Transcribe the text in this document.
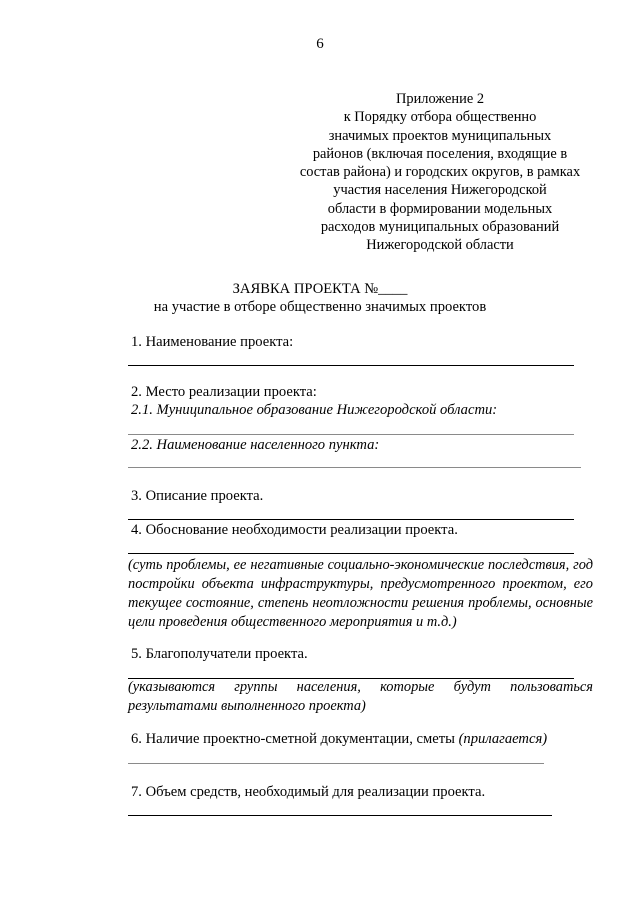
6
Приложение 2
к Порядку отбора общественно
значимых проектов муниципальных
районов (включая поселения, входящие в
состав района) и городских округов, в рамках
участия населения Нижегородской
области в формировании модельных
расходов муниципальных образований
Нижегородской области
ЗАЯВКА ПРОЕКТА №____
на участие в отборе общественно значимых проектов
1. Наименование проекта:
2. Место реализации проекта:
2.1. Муниципальное образование Нижегородской области:
2.2. Наименование населенного пункта:
3. Описание проекта.
4. Обоснование необходимости реализации проекта.
(суть проблемы, ее негативные социально-экономические последствия, год постройки объекта инфраструктуры, предусмотренного проектом, его текущее состояние, степень неотложности решения проблемы, основные цели проведения общественного мероприятия и т.д.)
5. Благополучатели проекта.
(указываются группы населения, которые будут пользоваться результатами выполненного проекта)
6. Наличие проектно-сметной документации, сметы (прилагается)
7. Объем средств, необходимый для реализации проекта.
